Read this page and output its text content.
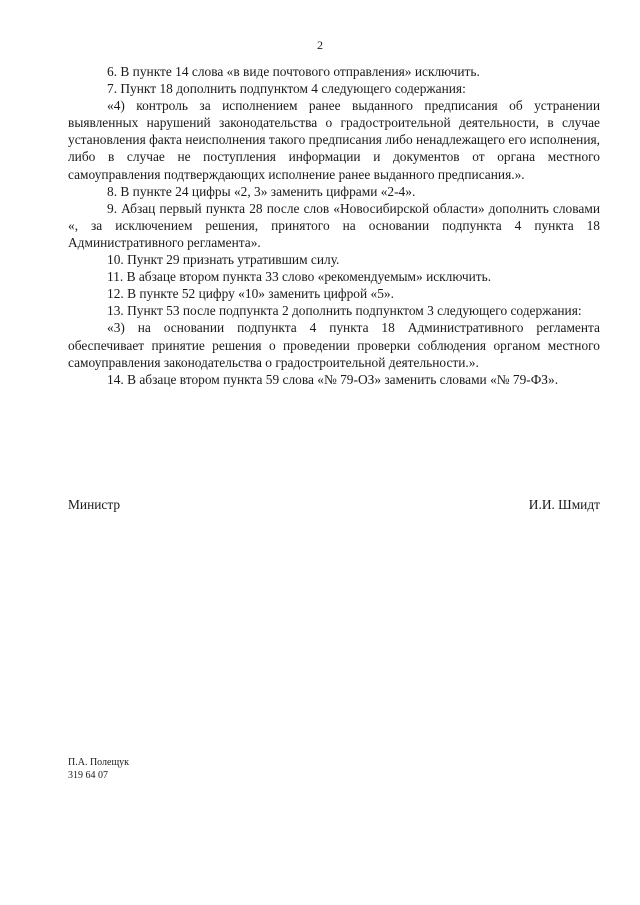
2

6. В пункте 14 слова «в виде почтового отправления» исключить.

7. Пункт 18 дополнить подпунктом 4 следующего содержания:

«4) контроль за исполнением ранее выданного предписания об устранении выявленных нарушений законодательства о градостроительной деятельности, в случае установления факта неисполнения такого предписания либо ненадлежащего его исполнения, либо в случае не поступления информации и документов от органа местного самоуправления подтверждающих исполнение ранее выданного предписания.».

8. В пункте 24 цифры «2, 3» заменить цифрами «2-4».

9. Абзац первый пункта 28 после слов «Новосибирской области» дополнить словами «, за исключением решения, принятого на основании подпункта 4 пункта 18 Административного регламента».

10. Пункт 29 признать утратившим силу.

11. В абзаце втором пункта 33 слово «рекомендуемым» исключить.

12. В пункте 52 цифру «10» заменить цифрой «5».

13. Пункт 53 после подпункта 2 дополнить подпунктом 3 следующего содержания:

«3) на основании подпункта 4 пункта 18 Административного регламента обеспечивает принятие решения о проведении проверки соблюдения органом местного самоуправления законодательства о градостроительной деятельности.».

14. В абзаце втором пункта 59 слова «№ 79-ОЗ» заменить словами «№ 79-ФЗ».

Министр	И.И. Шмидт
П.А. Полещук
319 64 07
